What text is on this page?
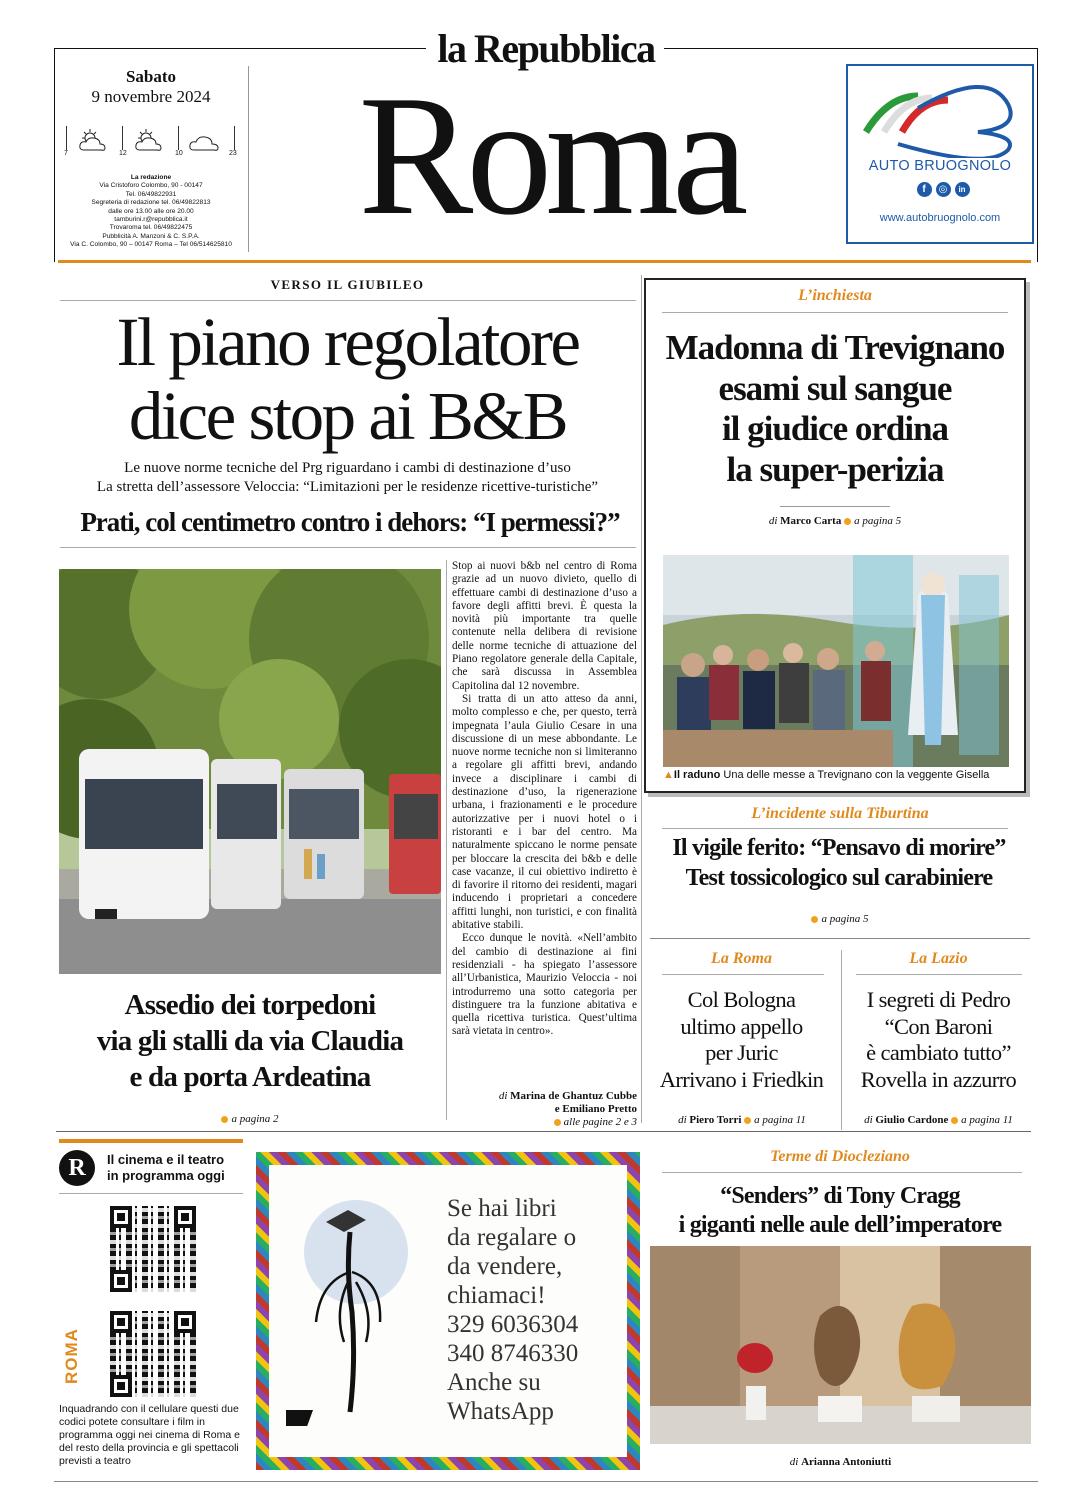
la Repubblica
Sabato
9 novembre 2024
7	12	10	23
La redazione
Via Cristoforo Colombo, 90 - 00147
Tel. 06/49822931
Segreteria di redazione tel. 06/49822813
dalle ore 13.00 alle ore 20.00
tamburini.r@repubblica.it
Trovaroma tel. 06/49822475
Pubblicità A. Manzoni & C. S.P.A.
Via C. Colombo, 90 – 00147 Roma – Tel 06/514625810 Roma	AUTO BRUOGNOLO
f	◎	in
www.autobruognolo.com
VERSO IL GIUBILEO
Il piano regolatore
dice stop ai B&B
Le nuove norme tecniche del Prg riguardano i cambi di destinazione d’uso
La stretta dell’assessore Veloccia: “Limitazioni per le residenze ricettive-turistiche”
Prati, col centimetro contro i dehors: “I permessi?”
Assedio dei torpedoni
via gli stalli da via Claudia
e da porta Ardeatina
a pagina 2

Stop ai nuovi b&b nel centro di Roma grazie ad un nuovo divieto, quello di effettuare cambi di destinazione d’uso a favore degli affitti brevi. È questa la novità più importante tra quelle contenute nella delibera di revisione delle norme tecniche di attuazione del Piano regolatore generale della Capitale, che sarà discussa in Assemblea Capitolina dal 12 novembre.

Si tratta di un atto atteso da anni, molto complesso e che, per questo, terrà impegnata l’aula Giulio Cesare in una discussione di un mese abbondante. Le nuove norme tecniche non si limiteranno a regolare gli affitti brevi, andando invece a disciplinare i cambi di destinazione d’uso, la rigenerazione urbana, i frazionamenti e le procedure autorizzative per i nuovi hotel o i ristoranti e i bar del centro. Ma naturalmente spiccano le norme pensate per bloccare la crescita dei b&b e delle case vacanze, il cui obiettivo indiretto è di favorire il ritorno dei residenti, magari inducendo i proprietari a concedere affitti lunghi, non turistici, e con finalità abitative stabili.

Ecco dunque le novità. «Nell’ambito del cambio di destinazione ai fini residenziali - ha spiegato l’assessore all’Urbanistica, Maurizio Veloccia - noi introdurremo una sotto categoria per distinguere tra la funzione abitativa e quella ricettiva turistica. Quest’ultima sarà vietata in centro».

di Marina de Ghantuz Cubbe
e Emiliano Pretto
alle pagine 2 e 3
L’inchiesta
Madonna di Trevignano
esami sul sangue
il giudice ordina
la super-perizia
di Marco Carta a pagina 5
▲Il raduno Una delle messe a Trevignano con la veggente Gisella
L’incidente sulla Tiburtina
Il vigile ferito: “Pensavo di morire”
Test tossicologico sul carabiniere
a pagina 5
La Roma
Col Bologna
ultimo appello
per Juric
Arrivano i Friedkin
di Piero Torri a pagina 11
La Lazio
I segreti di Pedro
“Con Baroni
è cambiato tutto”
Rovella in azzurro
di Giulio Cardone a pagina 11
R	Il cinema e il teatro
in programma oggi
ROMA
Inquadrando con il cellulare questi due codici potete consultare i film in programma oggi nei cinema di Roma e del resto della provincia e gli spettacoli previsti a teatro
Se hai libri
da regalare o
da vendere,
chiamaci!
329 6036304
340 8746330
Anche su
WhatsApp
Terme di Diocleziano
“Senders” di Tony Cragg
i giganti nelle aule dell’imperatore
di Arianna Antoniutti
